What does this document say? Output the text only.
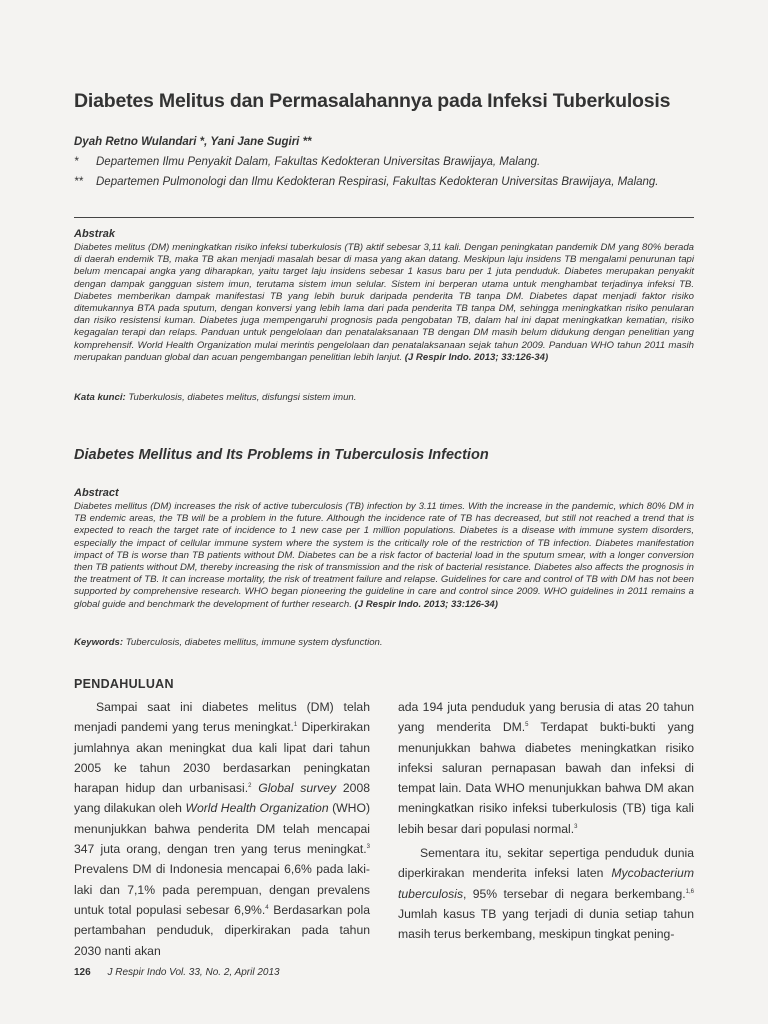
Diabetes Melitus dan Permasalahannya pada Infeksi Tuberkulosis
Dyah Retno Wulandari *, Yani Jane Sugiri **
* Departemen Ilmu Penyakit Dalam, Fakultas Kedokteran Universitas Brawijaya, Malang.
** Departemen Pulmonologi dan Ilmu Kedokteran Respirasi, Fakultas Kedokteran Universitas Brawijaya, Malang.
Abstrak
Diabetes melitus (DM) meningkatkan risiko infeksi tuberkulosis (TB) aktif sebesar 3,11 kali. Dengan peningkatan pandemik DM yang 80% berada di daerah endemik TB, maka TB akan menjadi masalah besar di masa yang akan datang. Meskipun laju insidens TB mengalami penurunan tapi belum mencapai angka yang diharapkan, yaitu target laju insidens sebesar 1 kasus baru per 1 juta penduduk. Diabetes merupakan penyakit dengan dampak gangguan sistem imun, terutama sistem imun selular. Sistem ini berperan utama untuk menghambat terjadinya infeksi TB. Diabetes memberikan dampak manifestasi TB yang lebih buruk daripada penderita TB tanpa DM. Diabetes dapat menjadi faktor risiko ditemukannya BTA pada sputum, dengan konversi yang lebih lama dari pada penderita TB tanpa DM, sehingga meningkatkan risiko penularan dan risiko resistensi kuman. Diabetes juga mempengaruhi prognosis pada pengobatan TB, dalam hal ini dapat meningkatkan kematian, risiko kegagalan terapi dan relaps. Panduan untuk pengelolaan dan penatalaksanaan TB dengan DM masih belum didukung dengan penelitian yang komprehensif. World Health Organization mulai merintis pengelolaan dan penatalaksanaan sejak tahun 2009. Panduan WHO tahun 2011 masih merupakan panduan global dan acuan pengembangan penelitian lebih lanjut. (J Respir Indo. 2013; 33:126-34)
Kata kunci: Tuberkulosis, diabetes melitus, disfungsi sistem imun.
Diabetes Mellitus and Its Problems in Tuberculosis Infection
Abstract
Diabetes mellitus (DM) increases the risk of active tuberculosis (TB) infection by 3.11 times. With the increase in the pandemic, which 80% DM in TB endemic areas, the TB will be a problem in the future. Although the incidence rate of TB has decreased, but still not reached a trend that is expected to reach the target rate of incidence to 1 new case per 1 million populations. Diabetes is a disease with immune system disorders, especially the impact of cellular immune system where the system is the critically role of the restriction of TB infection. Diabetes manifestation impact of TB is worse than TB patients without DM. Diabetes can be a risk factor of bacterial load in the sputum smear, with a longer conversion then TB patients without DM, thereby increasing the risk of transmission and the risk of bacterial resistance. Diabetes also affects the prognosis in the treatment of TB. It can increase mortality, the risk of treatment failure and relapse. Guidelines for care and control of TB with DM has not been supported by comprehensive research. WHO began pioneering the guideline in care and control since 2009. WHO guidelines in 2011 remains a global guide and benchmark the development of further research. (J Respir Indo. 2013; 33:126-34)
Keywords: Tuberculosis, diabetes mellitus, immune system dysfunction.
PENDAHULUAN

Sampai saat ini diabetes melitus (DM) telah menjadi pandemi yang terus meningkat.$^1$ Diperkirakan jumlahnya akan meningkat dua kali lipat dari tahun 2005 ke tahun 2030 berdasarkan peningkatan harapan hidup dan urbanisasi.$^2$ Global survey 2008 yang dilakukan oleh World Health Organization (WHO) menunjukkan bahwa penderita DM telah mencapai 347 juta orang, dengan tren yang terus meningkat.$^3$ Prevalens DM di Indonesia mencapai 6,6% pada laki-laki dan 7,1% pada perempuan, dengan prevalens untuk total populasi sebesar 6,9%.$^4$ Berdasarkan pola pertambahan penduduk, diperkirakan pada tahun 2030 nanti akan

ada 194 juta penduduk yang berusia di atas 20 tahun yang menderita DM.$^5$ Terdapat bukti-bukti yang menunjukkan bahwa diabetes meningkatkan risiko infeksi saluran pernapasan bawah dan infeksi di tempat lain. Data WHO menunjukkan bahwa DM akan meningkatkan risiko infeksi tuberkulosis (TB) tiga kali lebih besar dari populasi normal.$^3$

Sementara itu, sekitar sepertiga penduduk dunia diperkirakan menderita infeksi laten Mycobacterium tuberculosis, 95% tersebar di negara berkembang.$^{1,6}$ Jumlah kasus TB yang terjadi di dunia setiap tahun masih terus berkembang, meskipun tingkat pening-

126 J Respir Indo Vol. 33, No. 2, April 2013
